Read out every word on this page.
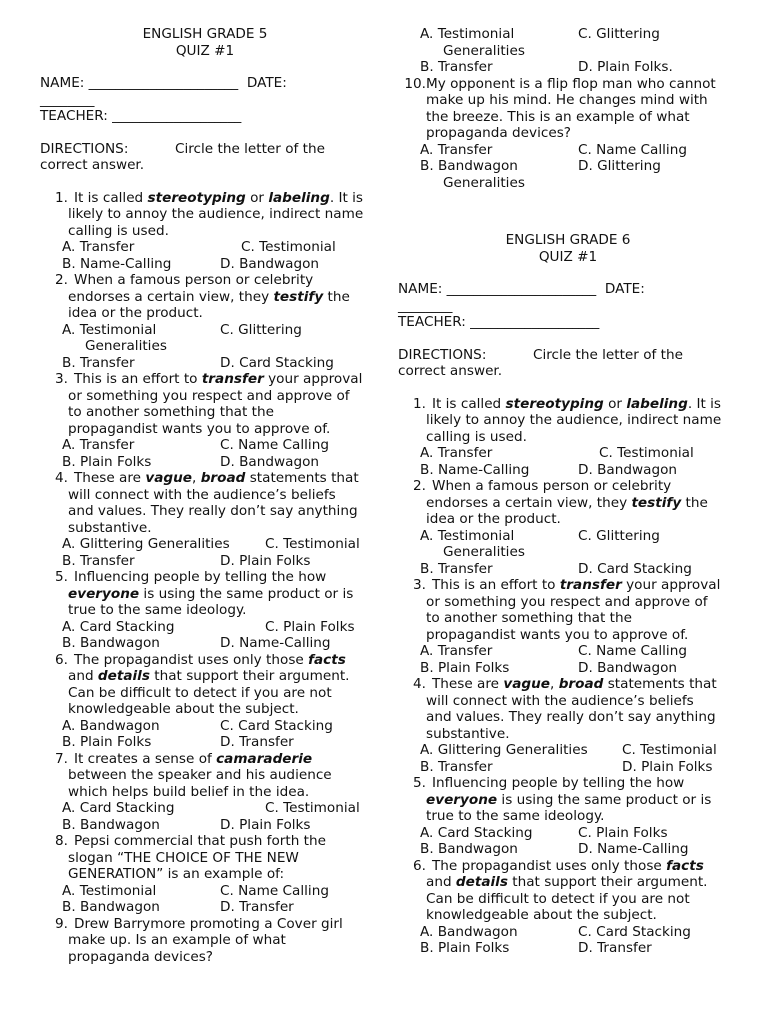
ENGLISH GRADE 5
QUIZ #1
NAME: ______________________ DATE:
________
TEACHER: ___________________
DIRECTIONS:	Circle the letter of the
correct answer.
1. It is called stereotyping or labeling. It is
likely to annoy the audience, indirect name
calling is used.
A. Transfer	C. Testimonial
B. Name-Calling	D. Bandwagon
2. When a famous person or celebrity
endorses a certain view, they testify the
idea or the product.
A. Testimonial	C. Glittering
Generalities
B. Transfer	D. Card Stacking
3. This is an effort to transfer your approval
or something you respect and approve of
to another something that the
propagandist wants you to approve of.
A. Transfer	C. Name Calling
B. Plain Folks	D. Bandwagon
4. These are vague, broad statements that
will connect with the audience’s beliefs
and values. They really don’t say anything
substantive.
A. Glittering Generalities	C. Testimonial
B. Transfer	D. Plain Folks
5. Influencing people by telling the how
everyone is using the same product or is
true to the same ideology.
A. Card Stacking	C. Plain Folks
B. Bandwagon	D. Name-Calling
6. The propagandist uses only those facts
and details that support their argument.
Can be difficult to detect if you are not
knowledgeable about the subject.
A. Bandwagon	C. Card Stacking
B. Plain Folks	D. Transfer
7. It creates a sense of camaraderie
between the speaker and his audience
which helps build belief in the idea.
A. Card Stacking	C. Testimonial
B. Bandwagon	D. Plain Folks
8. Pepsi commercial that push forth the
slogan “THE CHOICE OF THE NEW
GENERATION” is an example of:
A. Testimonial	C. Name Calling
B. Bandwagon	D. Transfer
9. Drew Barrymore promoting a Cover girl
make up. Is an example of what
propaganda devices?
A. Testimonial	C. Glittering
Generalities
B. Transfer	D. Plain Folks.
10. My opponent is a flip flop man who cannot
make up his mind. He changes mind with
the breeze. This is an example of what
propaganda devices?
A. Transfer	C. Name Calling
B. Bandwagon	D. Glittering
Generalities
ENGLISH GRADE 6
QUIZ #1
NAME: ______________________ DATE:
________
TEACHER: ___________________
DIRECTIONS:	Circle the letter of the
correct answer.
1. It is called stereotyping or labeling. It is
likely to annoy the audience, indirect name
calling is used.
A. Transfer	C. Testimonial
B. Name-Calling	D. Bandwagon
2. When a famous person or celebrity
endorses a certain view, they testify the
idea or the product.
A. Testimonial	C. Glittering
Generalities
B. Transfer	D. Card Stacking
3. This is an effort to transfer your approval
or something you respect and approve of
to another something that the
propagandist wants you to approve of.
A. Transfer	C. Name Calling
B. Plain Folks	D. Bandwagon
4. These are vague, broad statements that
will connect with the audience’s beliefs
and values. They really don’t say anything
substantive.
A. Glittering Generalities	C. Testimonial
B. Transfer	D. Plain Folks
5. Influencing people by telling the how
everyone is using the same product or is
true to the same ideology.
A. Card Stacking	C. Plain Folks
B. Bandwagon	D. Name-Calling
6. The propagandist uses only those facts
and details that support their argument.
Can be difficult to detect if you are not
knowledgeable about the subject.
A. Bandwagon	C. Card Stacking
B. Plain Folks	D. Transfer
